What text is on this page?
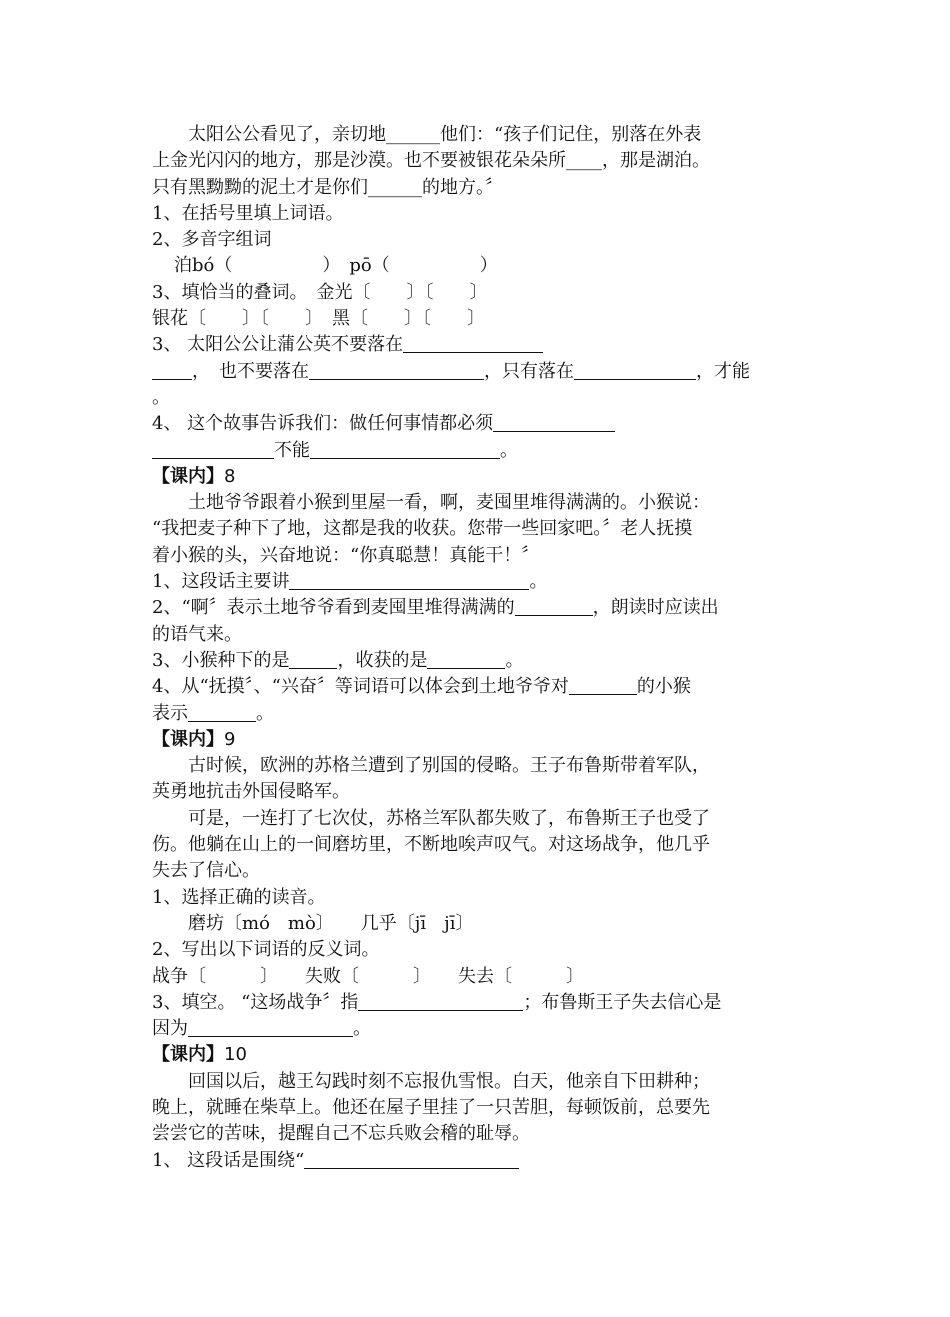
太阳公公看见了，亲切地______他们：“孩子们记住，别落在外表
上金光闪闪的地方，那是沙漠。也不要被银花朵朵所____，那是湖泊。
只有黑黝黝的泥土才是你们______的地方。〞
1、在括号里填上词语。
2、多音字组词
泊bó（　　　　　）　pō（　　　　　）
3、填恰当的叠词。　金光〔　　〕〔　　〕
银花〔　　〕〔　　〕　黑〔　　〕〔　　〕
3、 太阳公公让蒲公英不要落在
，　也不要落在	，只有落在	，才能
。
4、 这个故事告诉我们：做任何事情都必须
不能	。
【课内】8
土地爷爷跟着小猴到里屋一看，啊，麦囤里堆得满满的。小猴说：
“我把麦子种下了地，这都是我的收获。您带一些回家吧。〞老人抚摸
着小猴的头，兴奋地说：“你真聪慧！真能干！〞
1、这段话主要讲	。
2、“啊〞表示土地爷爷看到麦囤里堆得满满的	，朗读时应读出
的语气来。
3、小猴种下的是	，收获的是	。
4、从“抚摸〞、“兴奋〞等词语可以体会到土地爷爷对	的小猴
表示	。
【课内】9
古时候，欧洲的苏格兰遭到了别国的侵略。王子布鲁斯带着军队，
英勇地抗击外国侵略军。
可是，一连打了七次仗，苏格兰军队都失败了，布鲁斯王子也受了
伤。他躺在山上的一间磨坊里，不断地唉声叹气。对这场战争，他几乎
失去了信心。
1、选择正确的读音。
磨坊〔mó　mò〕　　几乎〔jī　jī〕
2、写出以下词语的反义词。
战争〔　　　〕　　失败〔　　　〕　　失去〔　　　〕
3、填空。 “这场战争〞指	；布鲁斯王子失去信心是
因为	。
【课内】10
回国以后，越王勾践时刻不忘报仇雪恨。白天，他亲自下田耕种；
晚上，就睡在柴草上。他还在屋子里挂了一只苦胆，每顿饭前，总要先
尝尝它的苦味，提醒自己不忘兵败会稽的耻辱。
1、 这段话是围绕“
